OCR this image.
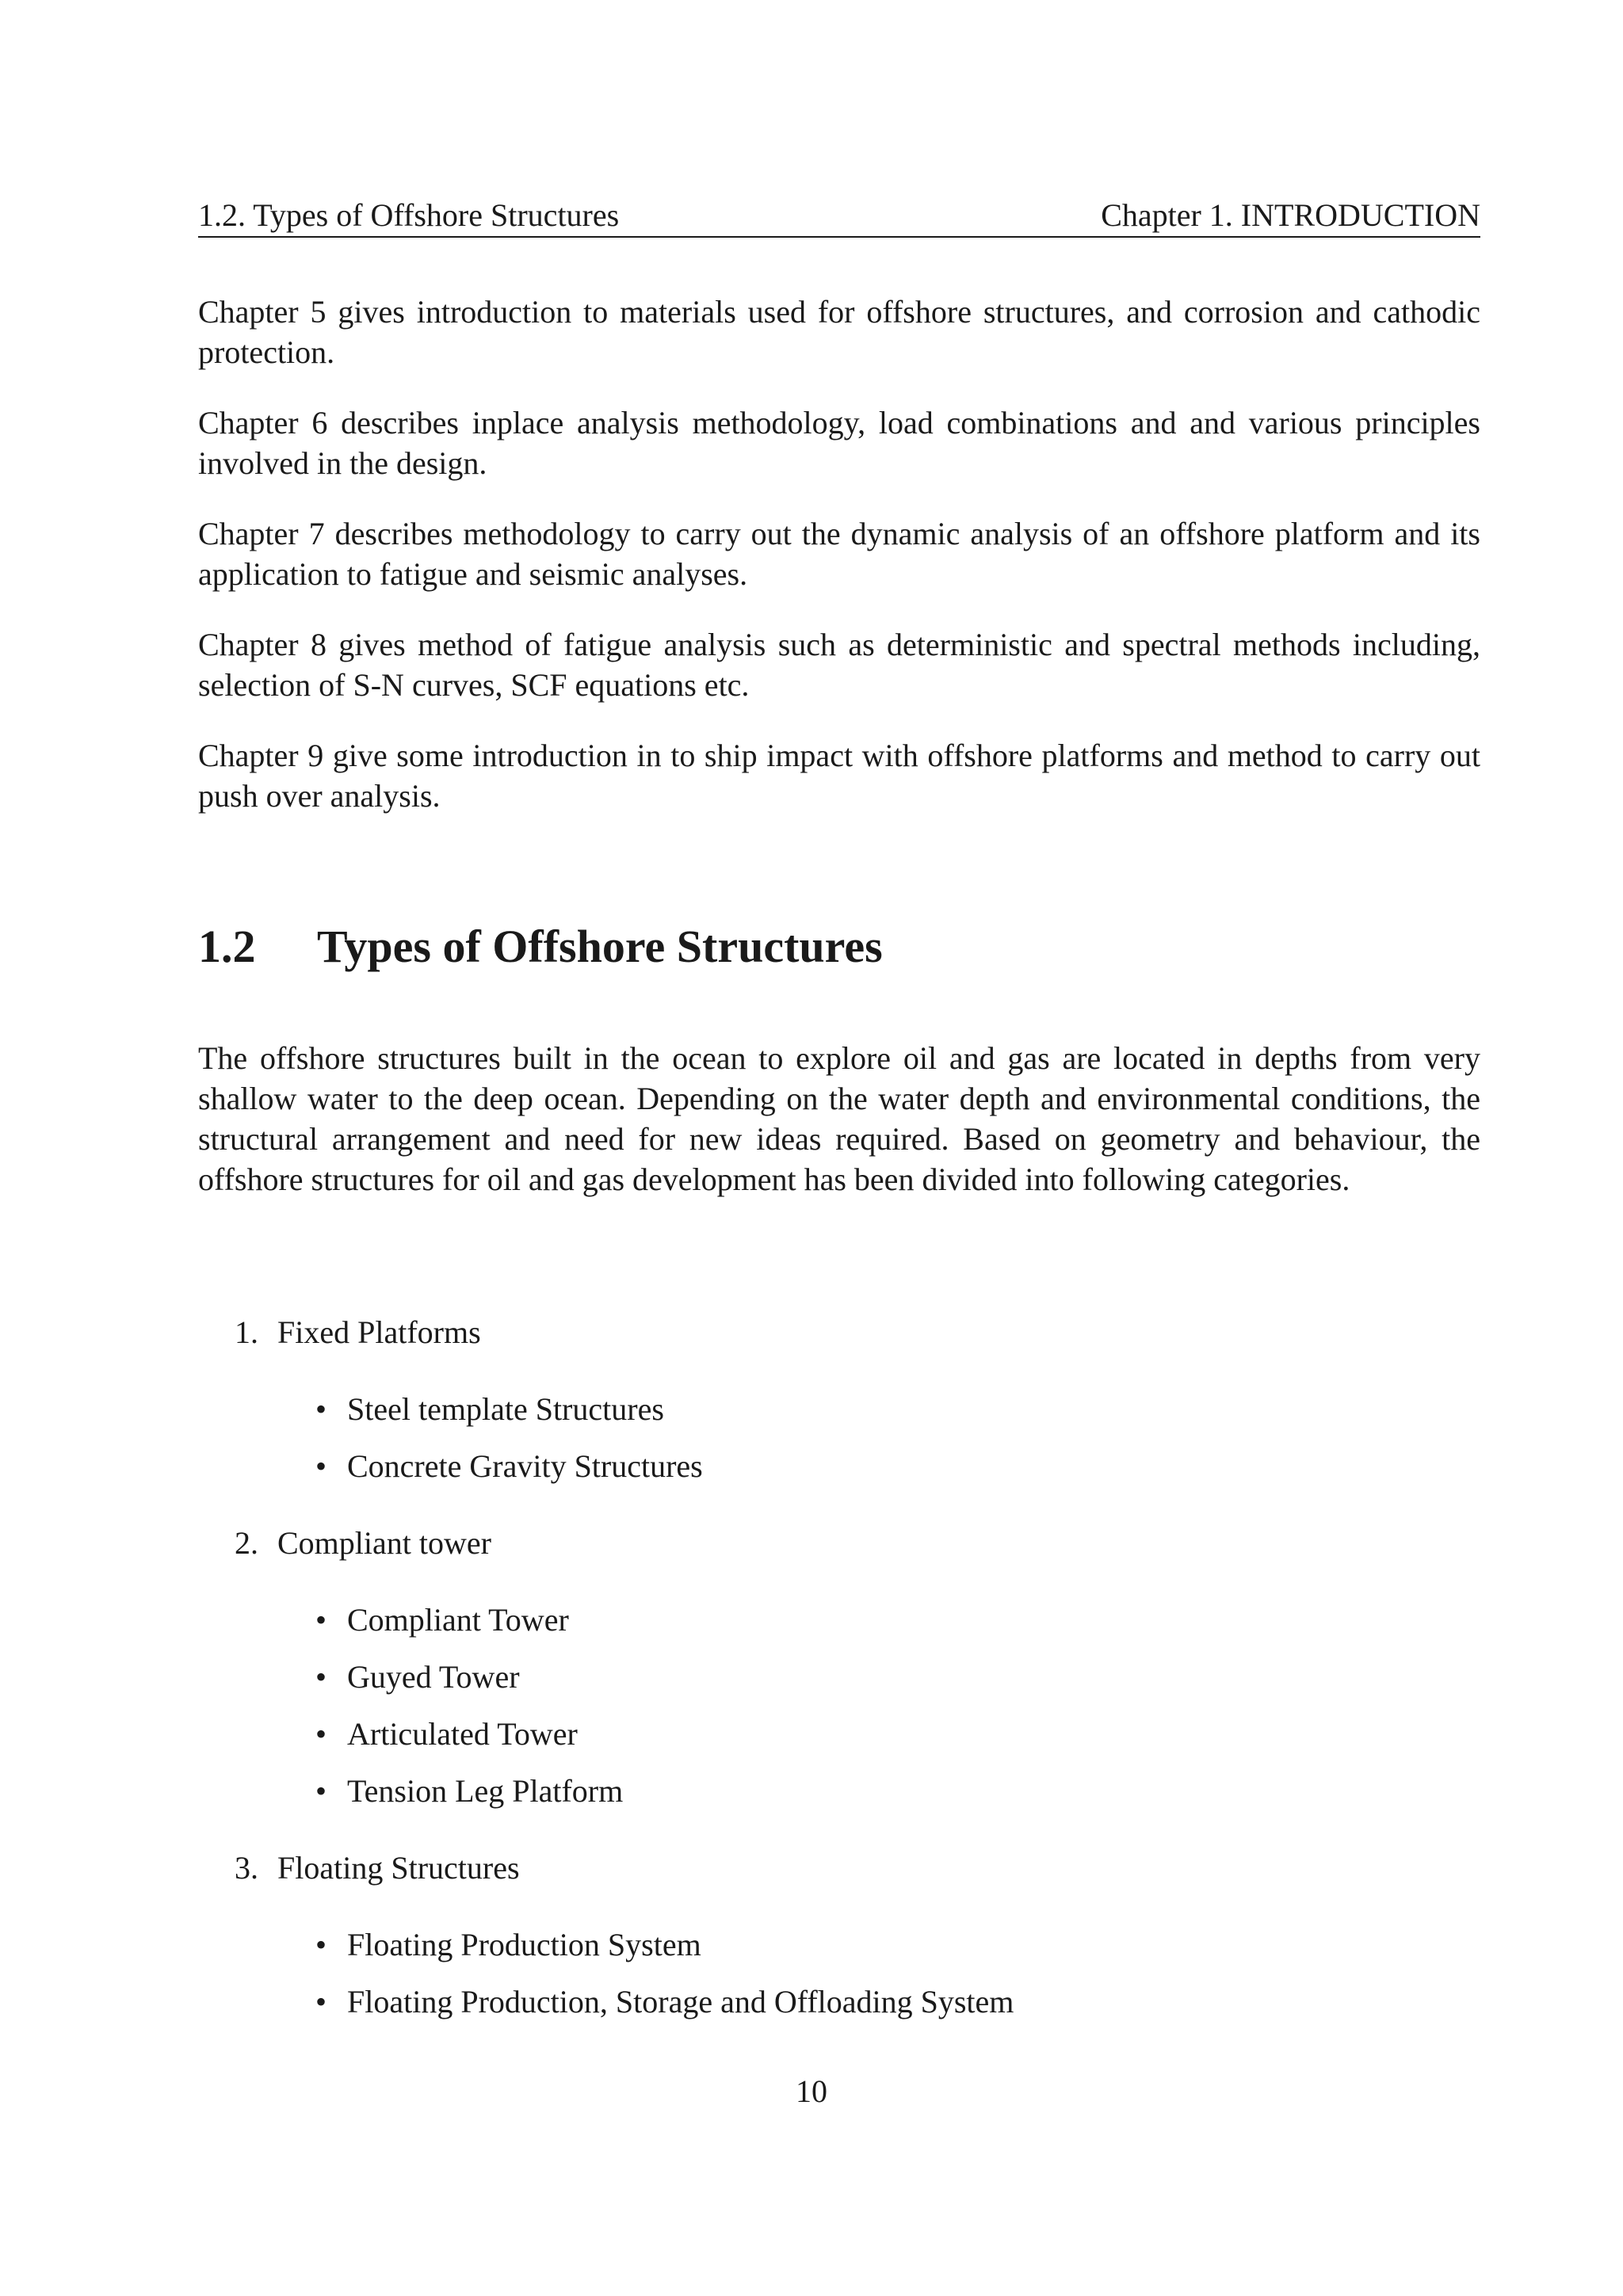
1.2. Types of Offshore Structures	Chapter 1. INTRODUCTION

Chapter 5 gives introduction to materials used for offshore structures, and corrosion and cathodic protection.

Chapter 6 describes inplace analysis methodology, load combinations and and various principles involved in the design.

Chapter 7 describes methodology to carry out the dynamic analysis of an offshore platform and its application to fatigue and seismic analyses.

Chapter 8 gives method of fatigue analysis such as deterministic and spectral methods including, selection of S-N curves, SCF equations etc.

Chapter 9 give some introduction in to ship impact with offshore platforms and method to carry out push over analysis.

1.2 Types of Offshore Structures

The offshore structures built in the ocean to explore oil and gas are located in depths from very shallow water to the deep ocean. Depending on the water depth and environmental conditions, the structural arrangement and need for new ideas required. Based on geometry and behaviour, the offshore structures for oil and gas development has been divided into following categories.

1. Fixed Platforms
• Steel template Structures
• Concrete Gravity Structures
2. Compliant tower
• Compliant Tower
• Guyed Tower
• Articulated Tower
• Tension Leg Platform
3. Floating Structures
• Floating Production System
• Floating Production, Storage and Offloading System
10
